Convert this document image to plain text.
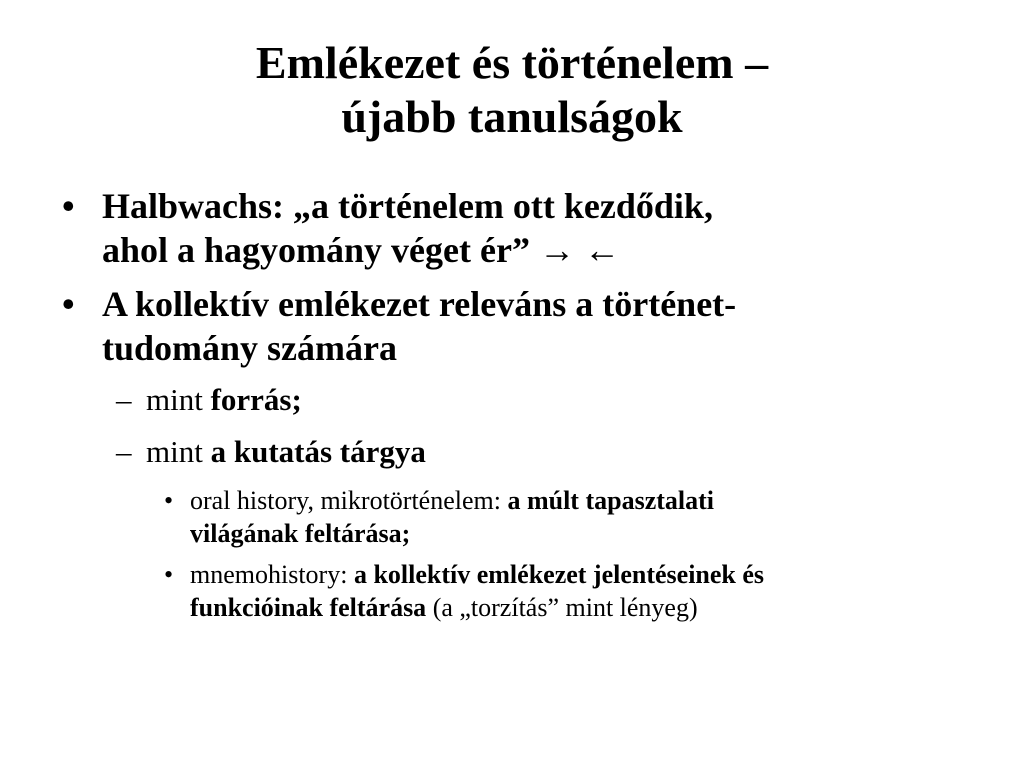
Emlékezet és történelem –
újabb tanulságok
• Halbwachs: „a történelem ott kezdődik,
ahol a hagyomány véget ér” → ←
• A kollektív emlékezet releváns a történet-
tudomány számára
– mint forrás;
– mint a kutatás tárgya
• oral history, mikrotörténelem: a múlt tapasztalati
világának feltárása;
• mnemohistory: a kollektív emlékezet jelentéseinek és
funkcióinak feltárása (a „torzítás” mint lényeg)
